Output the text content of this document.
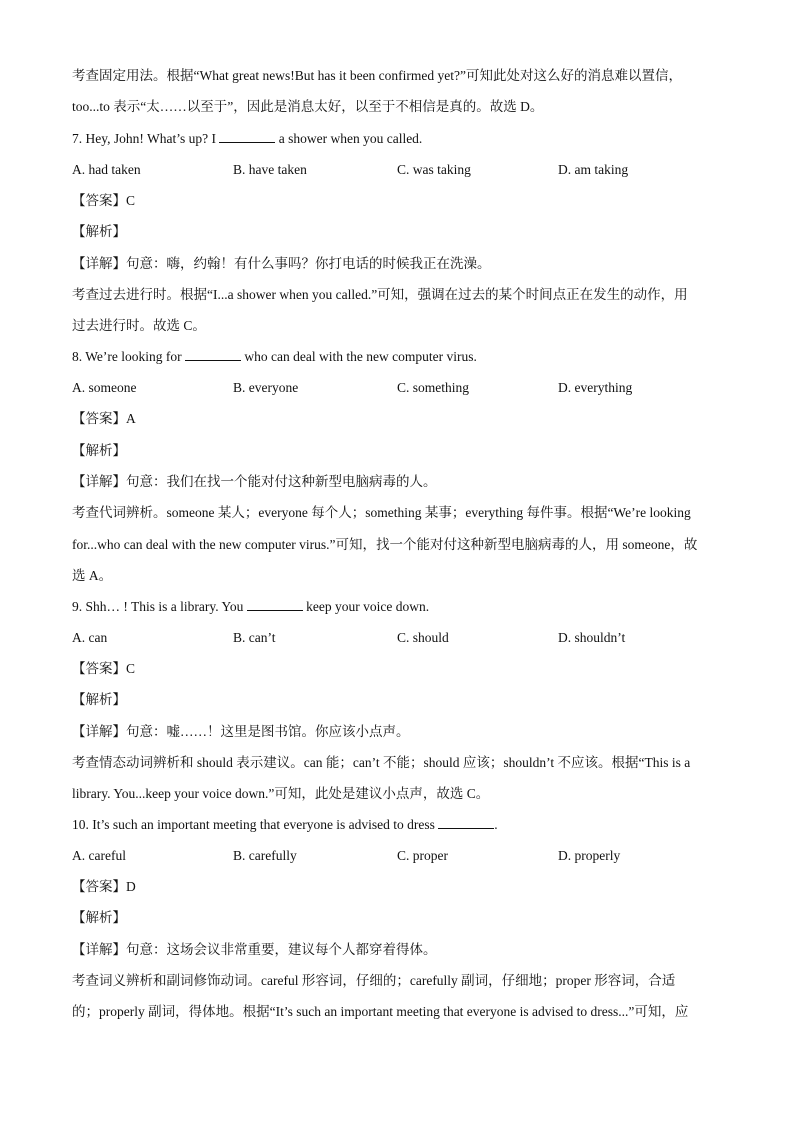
考查固定用法。根据“What great news!But has it been confirmed yet?”可知此处对这么好的消息难以置信，
too...to 表示“太……以至于”，因此是消息太好，以至于不相信是真的。故选 D。
7. Hey, John! What’s up? I	a shower when you called.
A. had taken	B. have taken	C. was taking	D. am taking
【答案】C
【解析】
【详解】句意：嗨，约翰！有什么事吗？你打电话的时候我正在洗澡。
考查过去进行时。根据“I...a shower when you called.”可知，强调在过去的某个时间点正在发生的动作，用
过去进行时。故选 C。
8. We’re looking for	who can deal with the new computer virus.
A. someone	B. everyone	C. something	D. everything
【答案】A
【解析】
【详解】句意：我们在找一个能对付这种新型电脑病毒的人。
考查代词辨析。someone 某人；everyone 每个人；something 某事；everything 每件事。根据“We’re looking
for...who can deal with the new computer virus.”可知，找一个能对付这种新型电脑病毒的人，用 someone，故
选 A。
9. Shh… ! This is a library. You	keep your voice down.
A. can	B. can’t	C. should	D. shouldn’t
【答案】C
【解析】
【详解】句意：嘘……！这里是图书馆。你应该小点声。
考查情态动词辨析和 should 表示建议。can 能；can’t 不能；should 应该；shouldn’t 不应该。根据“This is a
library. You...keep your voice down.”可知，此处是建议小点声，故选 C。
10. It’s such an important meeting that everyone is advised to dress	.
A. careful	B. carefully	C. proper	D. properly
【答案】D
【解析】
【详解】句意：这场会议非常重要，建议每个人都穿着得体。
考查词义辨析和副词修饰动词。careful 形容词，仔细的；carefully 副词，仔细地；proper 形容词，合适
的；properly 副词，得体地。根据“It’s such an important meeting that everyone is advised to dress...”可知，应
